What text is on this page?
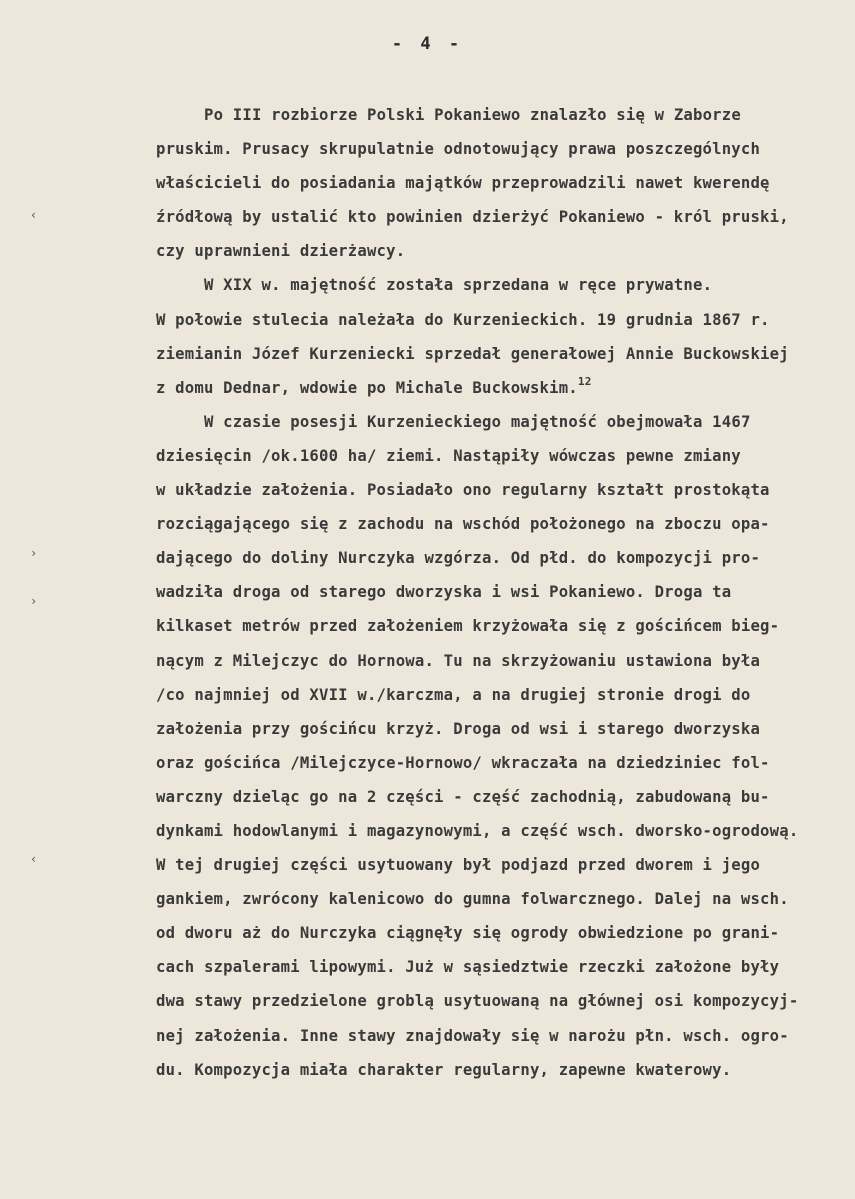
- 4 -
‹
›
›
‹
Po III rozbiorze Polski Pokaniewo znalazło się w Zaborze
pruskim. Prusacy skrupulatnie odnotowujący prawa poszczególnych
właścicieli do posiadania majątków przeprowadzili nawet kwerendę
źródłową by ustalić kto powinien dzierżyć Pokaniewo - król pruski,
czy uprawnieni dzierżawcy.
W XIX w. majętność została sprzedana w ręce prywatne.
W połowie stulecia należała do Kurzenieckich. 19 grudnia 1867 r.
ziemianin Józef Kurzeniecki sprzedał generałowej Annie Buckowskiej
z domu Dednar, wdowie po Michale Buckowskim.$^{12}$
W czasie posesji Kurzenieckiego majętność obejmowała 1467
dziesięcin /ok.1600 ha/ ziemi. Nastąpiły wówczas pewne zmiany
w układzie założenia. Posiadało ono regularny kształt prostokąta
rozciągającego się z zachodu na wschód położonego na zboczu opa-
dającego do doliny Nurczyka wzgórza. Od płd. do kompozycji pro-
wadziła droga od starego dworzyska i wsi Pokaniewo. Droga ta
kilkaset metrów przed założeniem krzyżowała się z gościńcem bieg-
nącym z Milejczyc do Hornowa. Tu na skrzyżowaniu ustawiona była
/co najmniej od XVII w./karczma, a na drugiej stronie drogi do
założenia przy gościńcu krzyż. Droga od wsi i starego dworzyska
oraz gościńca /Milejczyce-Hornowo/ wkraczała na dziedziniec fol-
warczny dzieląc go na 2 części - część zachodnią, zabudowaną bu-
dynkami hodowlanymi i magazynowymi, a część wsch. dworsko-ogrodową.
W tej drugiej części usytuowany był podjazd przed dworem i jego
gankiem, zwrócony kalenicowo do gumna folwarcznego. Dalej na wsch.
od dworu aż do Nurczyka ciągnęły się ogrody obwiedzione po grani-
cach szpalerami lipowymi. Już w sąsiedztwie rzeczki założone były
dwa stawy przedzielone groblą usytuowaną na głównej osi kompozycyj-
nej założenia. Inne stawy znajdowały się w narożu płn. wsch. ogro-
du. Kompozycja miała charakter regularny, zapewne kwaterowy.
